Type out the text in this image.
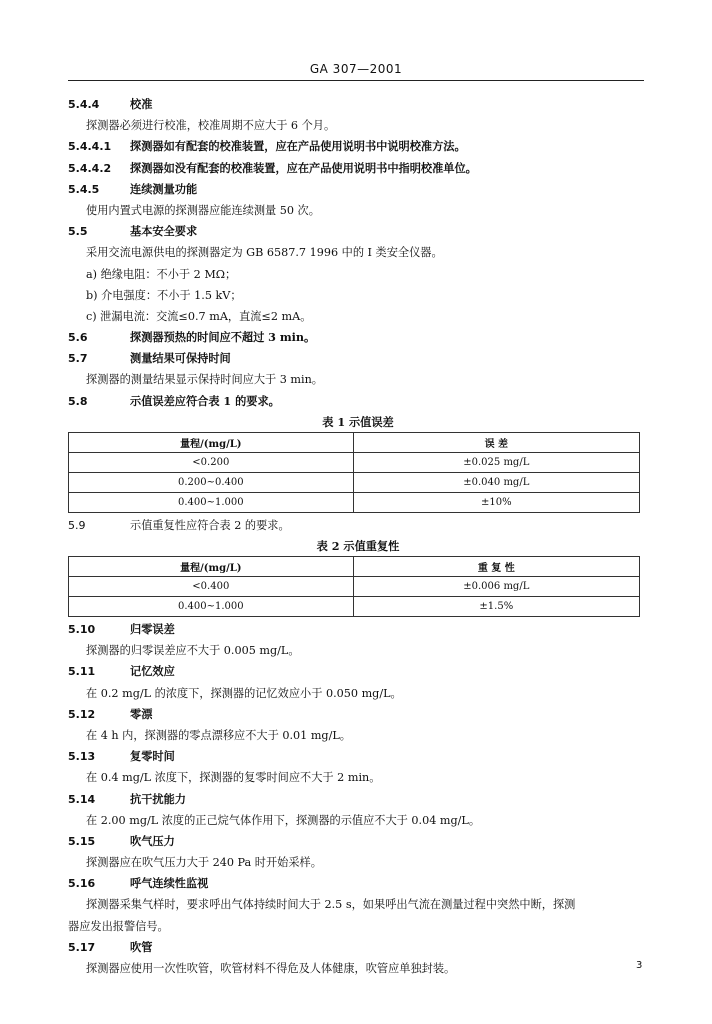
GA 307—2001
5.4.4	校准
探测器必须进行校准，校准周期不应大于 6 个月。
5.4.4.1 探测器如有配套的校准装置，应在产品使用说明书中说明校准方法。
5.4.4.2 探测器如没有配套的校准装置，应在产品使用说明书中指明校准单位。
5.4.5	连续测量功能
使用内置式电源的探测器应能连续测量 50 次。
5.5	基本安全要求
采用交流电源供电的探测器定为 GB 6587.7 1996 中的 I 类安全仪器。
a) 绝缘电阻：不小于 2 MΩ；
b) 介电强度：不小于 1.5 kV；
c) 泄漏电流：交流≤0.7 mA，直流≤2 mA。
5.6	探测器预热的时间应不超过 3 min。
5.7	测量结果可保持时间
探测器的测量结果显示保持时间应大于 3 min。
5.8	示值误差应符合表 1 的要求。
表 1 示值误差
量程/(mg/L)	误 差
<0.200	±0.025 mg/L
0.200~0.400	±0.040 mg/L
0.400~1.000	±10%
5.9	示值重复性应符合表 2 的要求。
表 2 示值重复性
量程/(mg/L)	重 复 性
<0.400	±0.006 mg/L
0.400~1.000	±1.5%
5.10	归零误差
探测器的归零误差应不大于 0.005 mg/L。
5.11	记忆效应
在 0.2 mg/L 的浓度下，探测器的记忆效应小于 0.050 mg/L。
5.12	零漂
在 4 h 内，探测器的零点漂移应不大于 0.01 mg/L。
5.13	复零时间
在 0.4 mg/L 浓度下，探测器的复零时间应不大于 2 min。
5.14	抗干扰能力
在 2.00 mg/L 浓度的正己烷气体作用下，探测器的示值应不大于 0.04 mg/L。
5.15	吹气压力
探测器应在吹气压力大于 240 Pa 时开始采样。
5.16	呼气连续性监视
探测器采集气样时，要求呼出气体持续时间大于 2.5 s，如果呼出气流在测量过程中突然中断，探测
器应发出报警信号。
5.17	吹管
探测器应使用一次性吹管，吹管材料不得危及人体健康，吹管应单独封装。	3
